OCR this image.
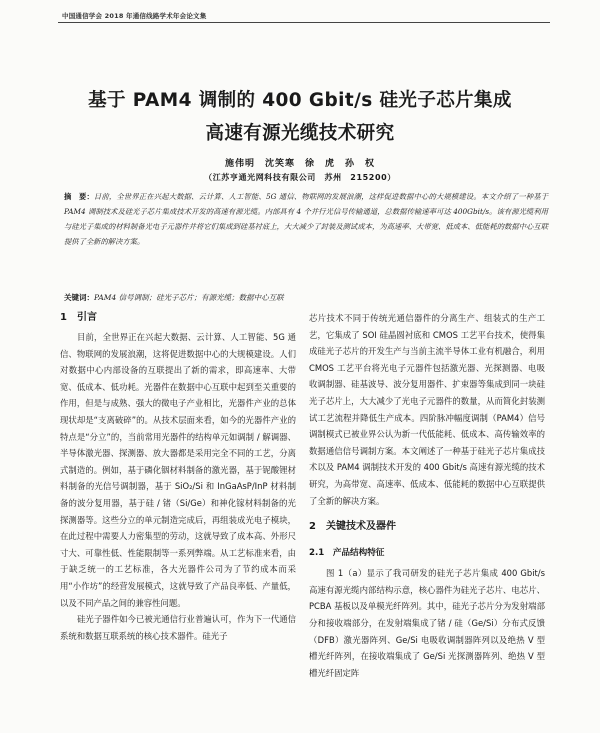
中国通信学会 2018 年通信线路学术年会论文集
基于 PAM4 调制的 400 Gbit/s 硅光子芯片集成
高速有源光缆技术研究
施伟明　沈笑寒　徐　虎　孙　权
（江苏亨通光网科技有限公司　苏州　215200）

摘　要：目前，全世界正在兴起大数据、云计算、人工智能、5G 通信、物联网的发展浪潮，这样促进数据中心的大规模建设。本文介绍了一种基于 PAM4 调制技术及硅光子芯片集成技术开发的高速有源光缆。内部具有 4 个并行光信号传输通道，总数据传输速率可达 400Gbit/s。该有源光缆利用与硅光子集成的材料制备光电子元器件并将它们集成到硅基衬底上，大大减少了封装及测试成本，为高速率、大带宽、低成本、低能耗的数据中心互联提供了全新的解决方案。

关键词：PAM4 信号调制；硅光子芯片；有源光缆；数据中心互联

1　引言

目前，全世界正在兴起大数据、云计算、人工智能、5G 通信、物联网的发展浪潮，这将促进数据中心的大规模建设。人们对数据中心内部设备的互联提出了新的需求，即高速率、大带宽、低成本、低功耗。光器件在数据中心互联中起到至关重要的作用，但是与成熟、强大的微电子产业相比，光器件产业的总体现状却是“支离破碎”的。从技术层面来看，如今的光器件产业的特点是“分立”的，当前常用光器件的结构单元如调制 / 解调器、半导体激光器、探测器、放大器都是采用完全不同的工艺，分离式制造的。例如，基于磷化铟材料制备的激光器，基于铌酸锂材料制备的光信号调制器，基于 SiO₂/Si 和 InGaAsP/InP 材料制备的波分复用器，基于硅 / 锗（Si/Ge）和神化镓材料制备的光探测器等。这些分立的单元制造完成后，再组装成光电子模块，在此过程中需要人力密集型的劳动，这就导致了成本高、外形尺寸大、可靠性低、性能限制等一系列弊端。从工艺标准来看，由于缺乏统一的工艺标准，各大光器件公司为了节约成本而采用“小作坊”的经营发展模式，这就导致了产品良率低、产量低，以及不同产品之间的兼容性问题。

硅光子器件如今已被光通信行业普遍认可，作为下一代通信系统和数据互联系统的核心技术器件。硅光子

芯片技术不同于传统光通信器件的分离生产、组装式的生产工艺，它集成了 SOI 硅晶圆衬底和 CMOS 工艺平台技术，使得集成硅光子芯片的开发生产与当前主流半导体工业有机融合，利用 CMOS 工艺平台将光电子元器件包括激光器、光探测器、电吸收调制器、硅基波导、波分复用器件、扩束器等集成到同一块硅光子芯片上，大大减少了光电子元器件的数量，从而简化封装测试工艺流程并降低生产成本。四阶脉冲幅度调制（PAM4）信号调制模式已被业界公认为新一代低能耗、低成本、高传输效率的数据通信信号调制方案。本文阐述了一种基于硅光子芯片集成技术以及 PAM4 调制技术开发的 400 Gbit/s 高速有源光缆的技术研究，为高带宽、高速率、低成本、低能耗的数据中心互联提供了全新的解决方案。

2　关键技术及器件
2.1　产品结构特征

图 1（a）显示了我司研发的硅光子芯片集成 400 Gbit/s 高速有源光缆内部结构示意，核心器件为硅光子芯片、电芯片、PCBA 基板以及单模光纤阵列。其中，硅光子芯片分为发射端部分和接收端部分，在发射端集成了锗 / 硅（Ge/Si）分布式反馈（DFB）激光器阵列、Ge/Si 电吸收调制器阵列以及绝热 V 型槽光纤阵列，在接收端集成了 Ge/Si 光探测器阵列、绝热 V 型槽光纤固定阵
